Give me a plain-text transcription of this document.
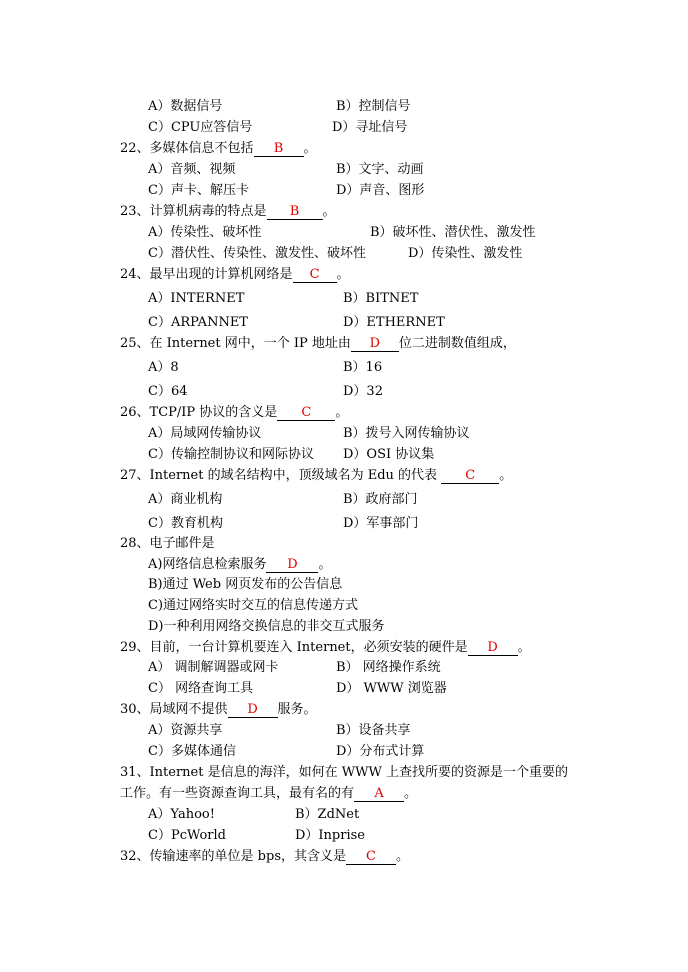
A）数据信号	B）控制信号
C）CPU应答信号	D）寻址信号
22、多媒体信息不包括 B 。
A）音频、视频	B）文字、动画
C）声卡、解压卡	D）声音、图形
23、计算机病毒的特点是 B 。
A）传染性、破坏性	B）破坏性、潜伏性、激发性
C）潜伏性、传染性、激发性、破坏性	D）传染性、激发性
24、最早出现的计算机网络是 C 。
A）INTERNET	B）BITNET
C）ARPANNET	D）ETHERNET
25、在 Internet 网中，一个 IP 地址由 D 位二进制数值组成，
A）8	B）16
C）64	D）32
26、TCP/IP 协议的含义是 C 。
A）局域网传输协议	B）拨号入网传输协议
C）传输控制协议和网际协议 D）OSI 协议集
27、Internet 的域名结构中，顶级域名为 Edu 的代表 C 。
A）商业机构	B）政府部门
C）教育机构	D）军事部门
28、电子邮件是
A)网络信息检索服务 D 。
B)通过 Web 网页发布的公告信息
C)通过网络实时交互的信息传递方式
D)一种利用网络交换信息的非交互式服务
29、目前，一台计算机要连入 Internet，必须安装的硬件是 D 。
A） 调制解调器或网卡	B） 网络操作系统
C） 网络查询工具	D） WWW 浏览器
30、局域网不提供 D 服务。
A）资源共享	B）设备共享
C）多媒体通信	D）分布式计算
31、Internet 是信息的海洋，如何在 WWW 上查找所要的资源是一个重要的
工作。有一些资源查询工具，最有名的有 A 。
A）Yahoo!	B）ZdNet
C）PcWorld	D）Inprise
32、传输速率的单位是 bps，其含义是 C 。
